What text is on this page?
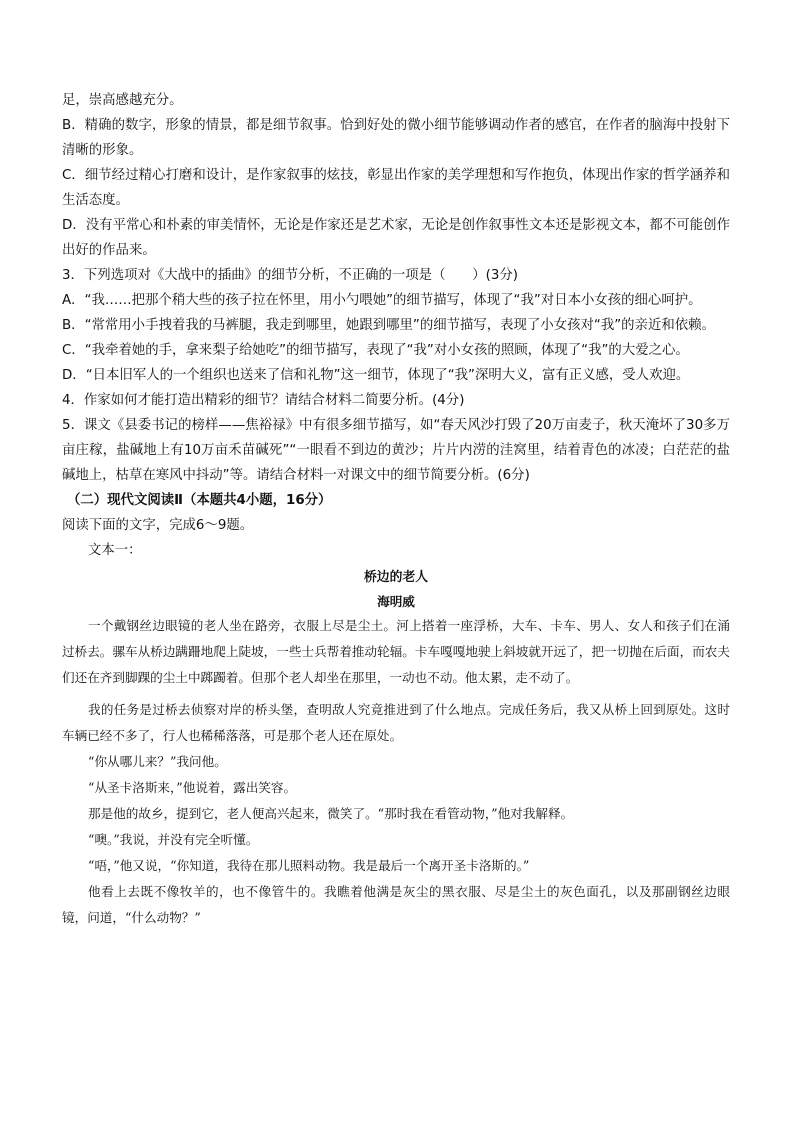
足，崇高感越充分。

B．精确的数字，形象的情景，都是细节叙事。恰到好处的微小细节能够调动作者的感官，在作者的脑海中投射下清晰的形象。

C．细节经过精心打磨和设计，是作家叙事的炫技，彰显出作家的美学理想和写作抱负，体现出作家的哲学涵养和生活态度。

D．没有平常心和朴素的审美情怀，无论是作家还是艺术家，无论是创作叙事性文本还是影视文本，都不可能创作出好的作品来。

3．下列选项对《大战中的插曲》的细节分析，不正确的一项是（　　）(3分)

A．“我……把那个稍大些的孩子拉在怀里，用小勺喂她”的细节描写，体现了“我”对日本小女孩的细心呵护。

B．“常常用小手拽着我的马裤腿，我走到哪里，她跟到哪里”的细节描写，表现了小女孩对“我”的亲近和依赖。

C．“我牵着她的手，拿来梨子给她吃”的细节描写，表现了“我”对小女孩的照顾，体现了“我”的大爱之心。

D．“日本旧军人的一个组织也送来了信和礼物”这一细节，体现了“我”深明大义，富有正义感，受人欢迎。

4．作家如何才能打造出精彩的细节？请结合材料二简要分析。(4分)

5．课文《县委书记的榜样——焦裕禄》中有很多细节描写，如“春天风沙打毁了20万亩麦子，秋天淹坏了30多万亩庄稼，盐碱地上有10万亩禾苗碱死”“一眼看不到边的黄沙；片片内涝的洼窝里，结着青色的冰凌；白茫茫的盐碱地上，枯草在寒风中抖动”等。请结合材料一对课文中的细节简要分析。(6分)

（二）现代文阅读Ⅱ（本题共4小题，16分）

阅读下面的文字，完成6～9题。

文本一：

桥边的老人
海明威

一个戴钢丝边眼镜的老人坐在路旁，衣服上尽是尘土。河上搭着一座浮桥，大车、卡车、男人、女人和孩子们在涌过桥去。骡车从桥边蹒跚地爬上陡坡，一些士兵帮着推动轮辐。卡车嘎嘎地驶上斜坡就开远了，把一切抛在后面，而农夫们还在齐到脚踝的尘土中踯躅着。但那个老人却坐在那里，一动也不动。他太累，走不动了。

我的任务是过桥去侦察对岸的桥头堡，查明敌人究竟推进到了什么地点。完成任务后，我又从桥上回到原处。这时车辆已经不多了，行人也稀稀落落，可是那个老人还在原处。

“你从哪儿来？”我问他。

“从圣卡洛斯来，”他说着，露出笑容。

那是他的故乡，提到它，老人便高兴起来，微笑了。“那时我在看管动物，”他对我解释。

“噢。”我说，并没有完全听懂。

“唔，”他又说，“你知道，我待在那儿照料动物。我是最后一个离开圣卡洛斯的。”

他看上去既不像牧羊的，也不像管牛的。我瞧着他满是灰尘的黑衣服、尽是尘土的灰色面孔，以及那副钢丝边眼镜，问道，“什么动物？”
